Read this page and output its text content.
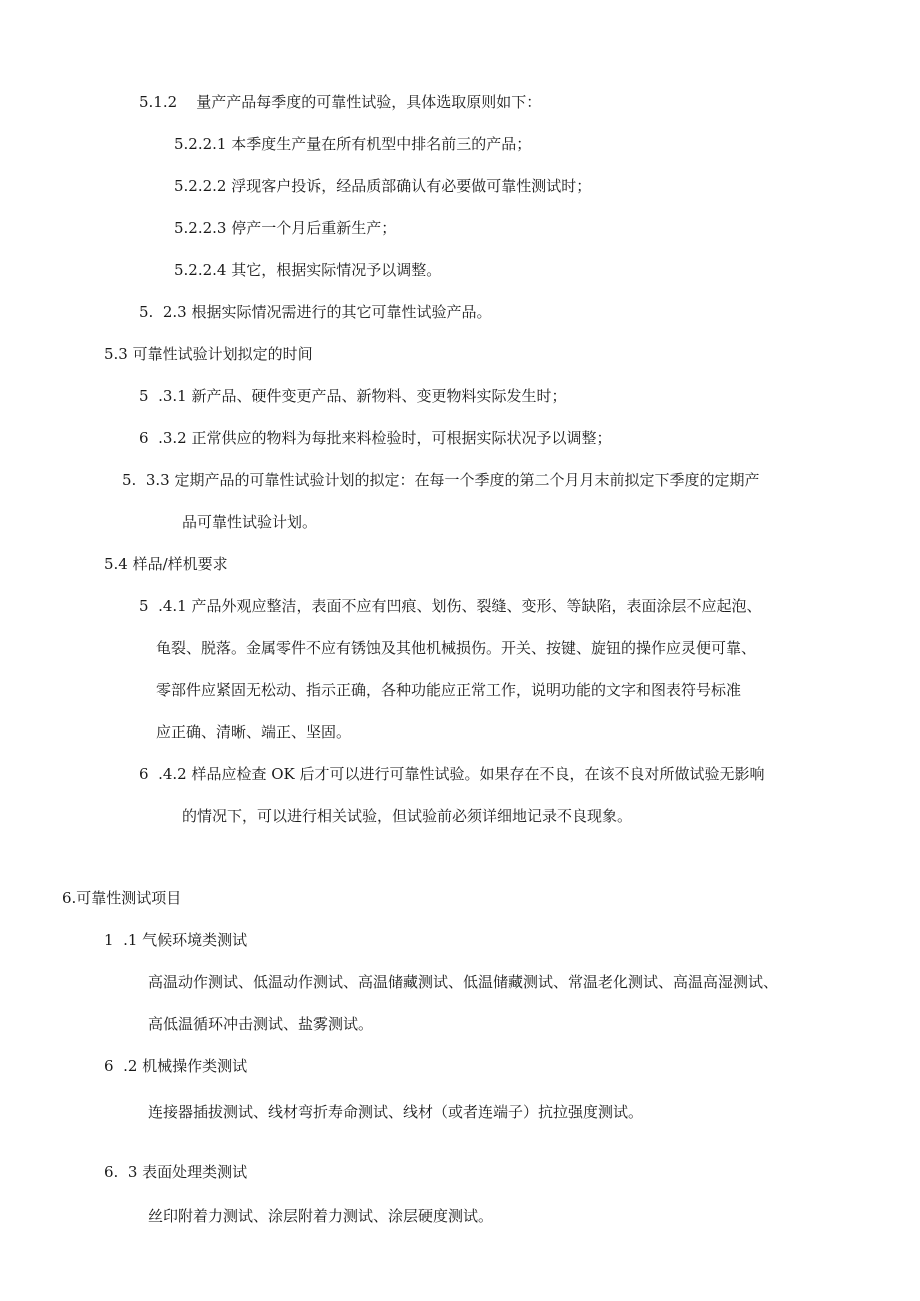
5.1.2    量产产品每季度的可靠性试验，具体选取原则如下：
5.2.2.1 本季度生产量在所有机型中排名前三的产品；
5.2.2.2 浮现客户投诉，经品质部确认有必要做可靠性测试时；
5.2.2.3 停产一个月后重新生产；
5.2.2.4 其它，根据实际情况予以调整。
5.  2.3 根据实际情况需进行的其它可靠性试验产品。
5.3 可靠性试验计划拟定的时间
5  .3.1 新产品、硬件变更产品、新物料、变更物料实际发生时；
6  .3.2 正常供应的物料为每批来料检验时，可根据实际状况予以调整；
5.  3.3 定期产品的可靠性试验计划的拟定：在每一个季度的第二个月月末前拟定下季度的定期产
品可靠性试验计划。
5.4 样品/样机要求
5  .4.1 产品外观应整洁，表面不应有凹痕、划伤、裂缝、变形、等缺陷，表面涂层不应起泡、
龟裂、脱落。金属零件不应有锈蚀及其他机械损伤。开关、按键、旋钮的操作应灵便可靠、
零部件应紧固无松动、指示正确，各种功能应正常工作，说明功能的文字和图表符号标准
应正确、清晰、端正、坚固。
6  .4.2 样品应检查 OK 后才可以进行可靠性试验。如果存在不良，在该不良对所做试验无影响
的情况下，可以进行相关试验，但试验前必须详细地记录不良现象。
6.可靠性测试项目
1  .1 气候环境类测试
高温动作测试、低温动作测试、高温储藏测试、低温储藏测试、常温老化测试、高温高湿测试、
高低温循环冲击测试、盐雾测试。
6  .2 机械操作类测试
连接器插拔测试、线材弯折寿命测试、线材（或者连端子）抗拉强度测试。
6.  3 表面处理类测试
丝印附着力测试、涂层附着力测试、涂层硬度测试。
